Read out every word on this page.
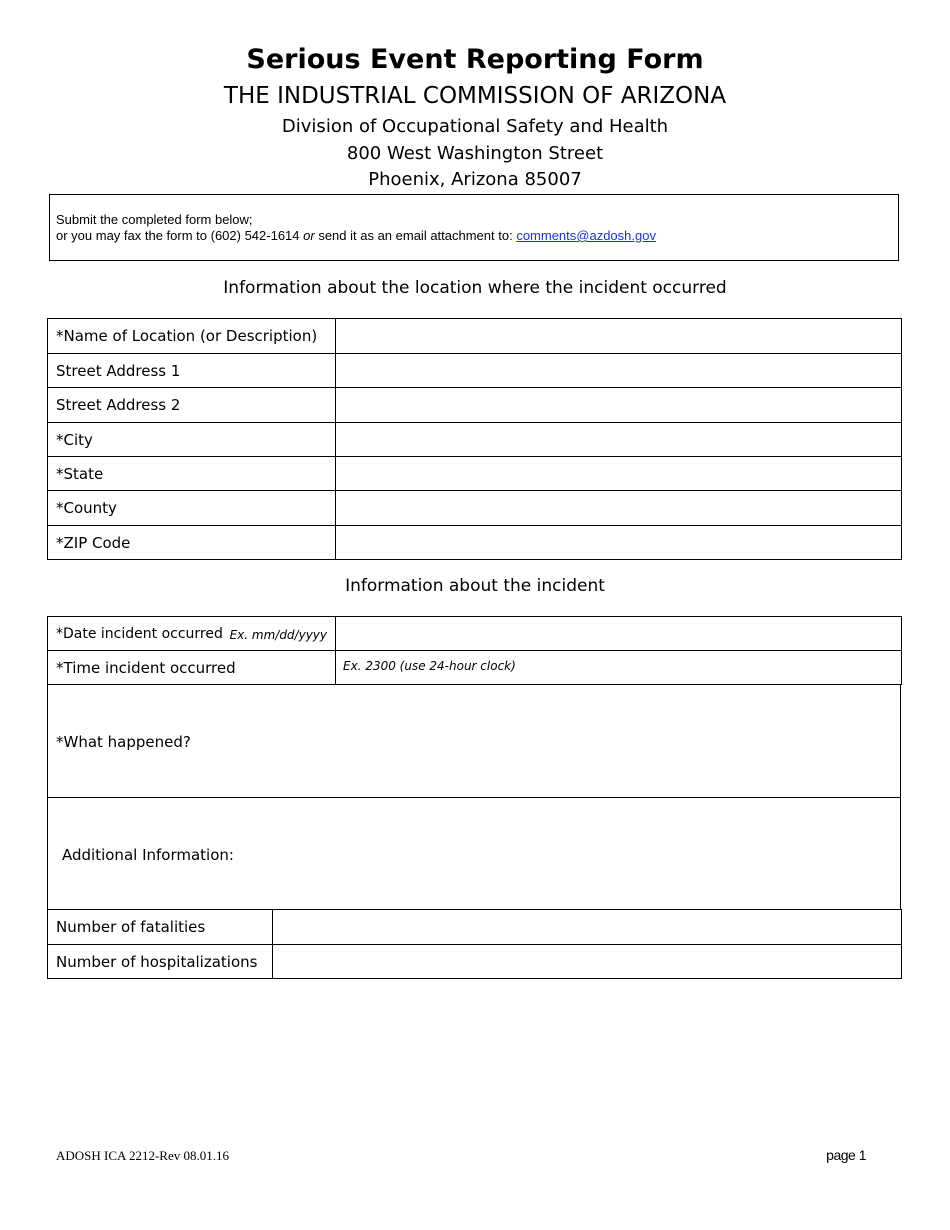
Serious Event Reporting Form
THE INDUSTRIAL COMMISSION OF ARIZONA
Division of Occupational Safety and Health
800 West Washington Street
Phoenix, Arizona 85007
Submit the completed form below;
or you may fax the form to (602) 542-1614 or send it as an email attachment to: comments@azdosh.gov
Information about the location where the incident occurred
*Name of Location (or Description)	
Street Address 1	
Street Address 2	
*City	
*State	
*County	
*ZIP Code	
Information about the incident
*Date incident occurred Ex. mm/dd/yyyy	

*Time incident occurred	Ex. 2300 (use 24-hour clock)
*What happened?
Additional Information:
Number of fatalities	
Number of hospitalizations	
ADOSH ICA 2212-Rev 08.01.16	page 1
